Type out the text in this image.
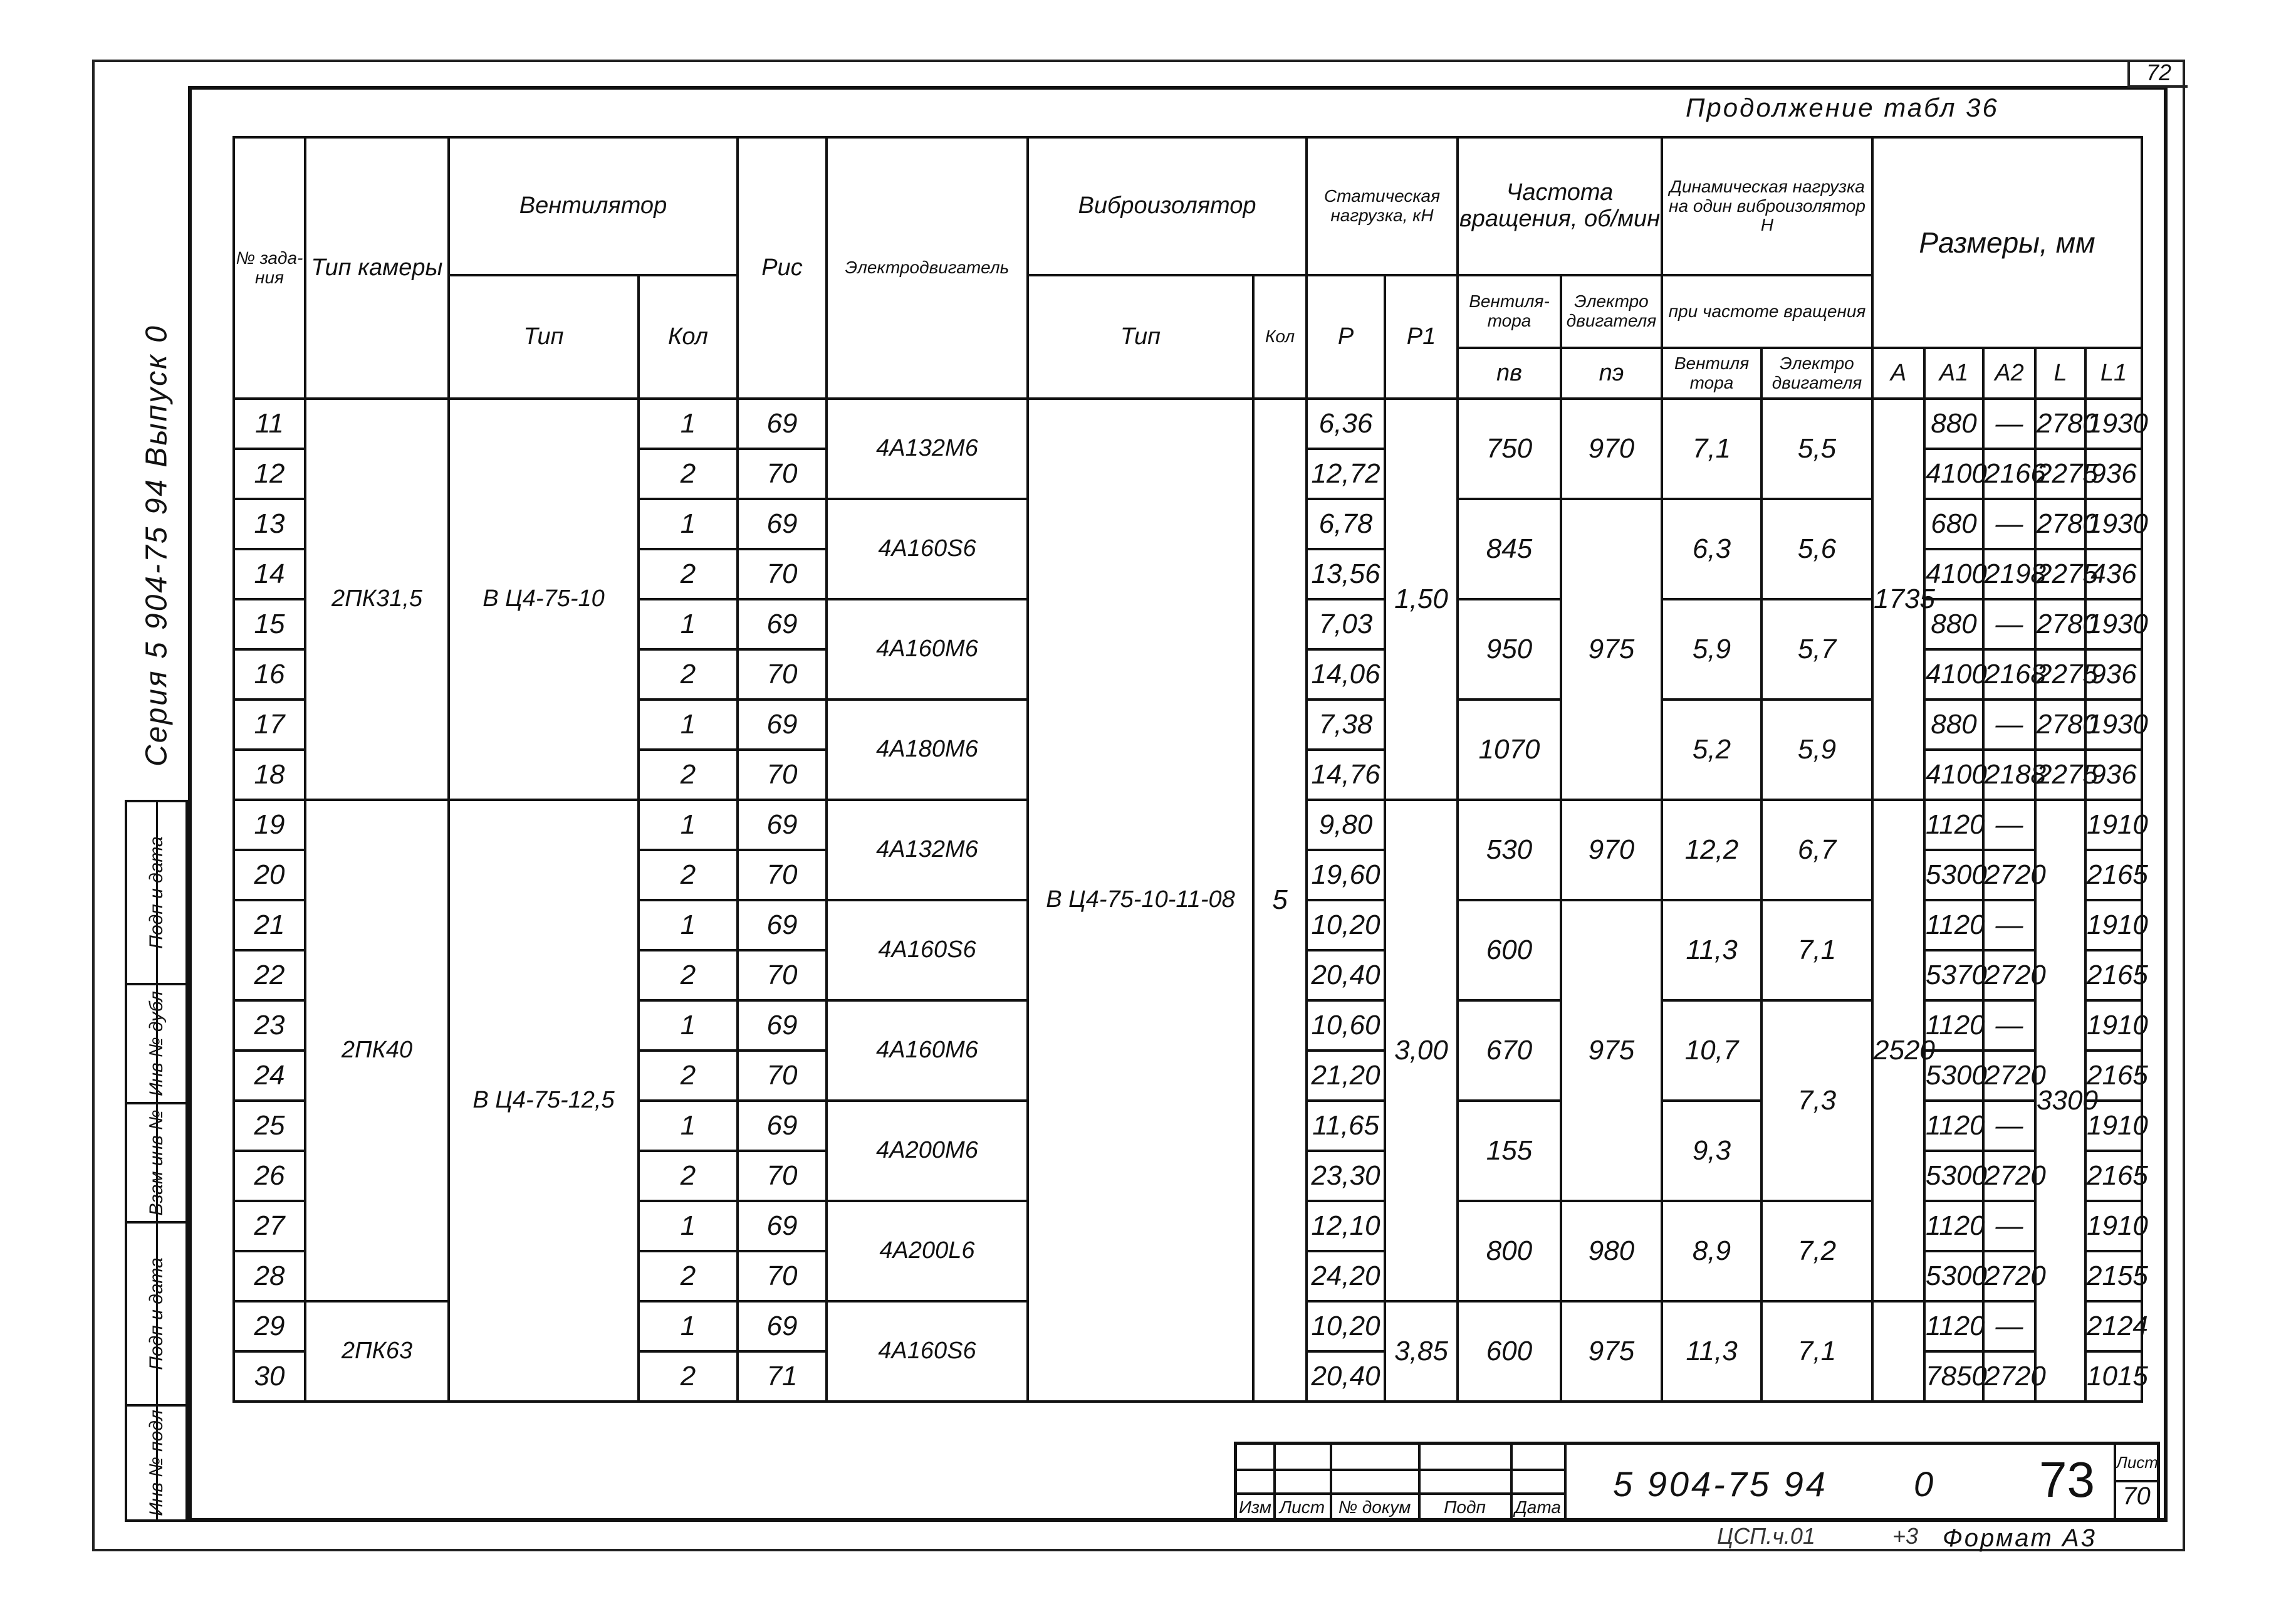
72
Продолжение табл 36
Серия 5 904-75 94 Выпуск 0
Подп и дата
Инв № дубл
Взам инв №
Подп и дата
Инв № подл
№ зада-ния	Тип камеры	Вентилятор		Рис	Электродвигатель	Виброизолятор		Статическая нагрузка, кН		Частота вращения, об/мин		Динамическая нагрузка на один виброизолятор Н		Размеры, мм				
		Тип	Кол			Тип	Кол	P	P1	Вентиля-тора	Электро двигателя	при частоте вращения						
										nв	nэ	Вентиля тора	Электро двигателя	A	A1	A2	L	L1
11	2ПК31,5	В Ц4-75-10	1	69	4А132М6	В Ц4-75-10-11-08	5	6,36	1,50	750	970	7,1	5,5	1735	880	—	2780	1930
12			2	70				12,72							4100	2166	2275	936
13			1	69	4А160S6			6,78		845	975	6,3	5,6		680	—	2780	1930
14			2	70				13,56							4100	2198	2275	436
15			1	69	4А160М6			7,03		950		5,9	5,7		880	—	2780	1930
16			2	70				14,06							4100	2168	2275	936
17			1	69	4А180М6			7,38		1070		5,2	5,9		880	—	2780	1930
18			2	70				14,76							4100	2188	2275	936
19	2ПК40	В Ц4-75-12,5	1	69	4А132М6			9,80	3,00	530	970	12,2	6,7	2520	1120	—	3300	1910
20			2	70				19,60							5300	2720		2165
21			1	69	4А160S6			10,20		600	975	11,3	7,1		1120	—		1910
22			2	70				20,40							5370	2720		2165
23			1	69	4А160М6			10,60		670		10,7	7,3		1120	—		1910
24			2	70				21,20							5300	2720		2165
25			1	69	4А200М6			11,65		155		9,3			1120	—		1910
26			2	70				23,30							5300	2720		2165
27			1	69	4А200L6			12,10		800	980	8,9	7,2		1120	—		1910
28			2	70				24,20							5300	2720		2155
29	2ПК63		1	69	4А160S6			10,20	3,85	600	975	11,3	7,1		1120	—		2124
30			2	71				20,40							7850	2720		1015
Изм Лист № докум	Подп	Дата
5 904-75 94 0 73 Лист
70
ЦСП.ч.01	+3 Формат А3
